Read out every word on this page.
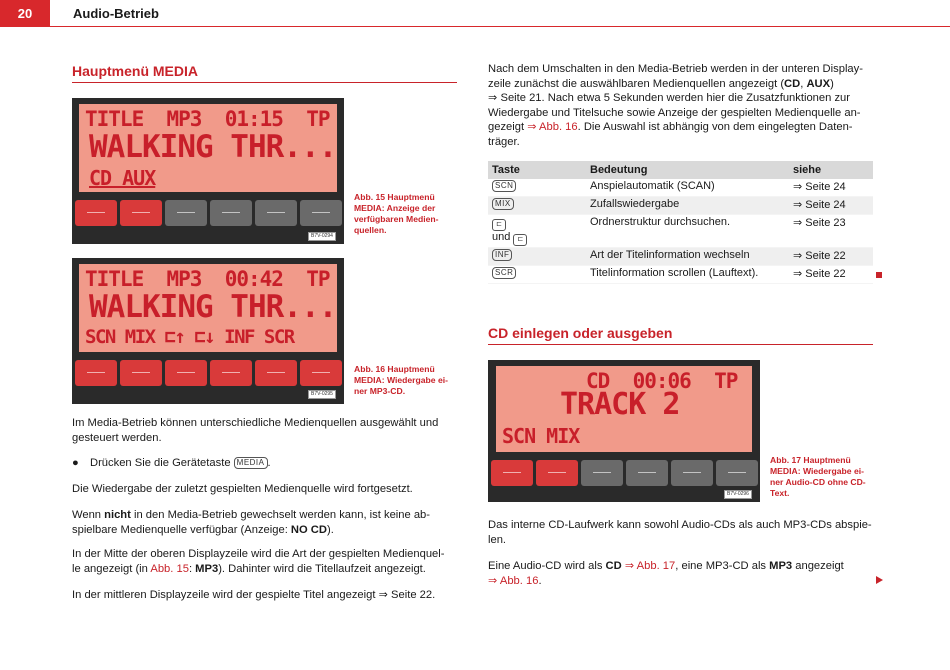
20	Audio-Betrieb
Hauptmenü MEDIA
TITLE  MP3  01:15  TP
WALKING THR...
CD AUX
B7V-0294
Abb. 15 Hauptmenü
MEDIA: Anzeige der
verfügbaren Medien-
quellen.
TITLE  MP3  00:42  TP
WALKING THR...
SCN MIX ⊏↑ ⊏↓ INF SCR
B7V-0295
Abb. 16 Hauptmenü
MEDIA: Wiedergabe ei-
ner MP3-CD.
Im Media-Betrieb können unterschiedliche Medienquellen ausgewählt und
gesteuert werden.
● Drücken Sie die Gerätetaste MEDIA .
Die Wiedergabe der zuletzt gespielten Medienquelle wird fortgesetzt.
Wenn nicht in den Media-Betrieb gewechselt werden kann, ist keine ab-
spielbare Medienquelle verfügbar (Anzeige: NO CD).
In der Mitte der oberen Displayzeile wird die Art der gespielten Medienquel-
le angezeigt (in Abb. 15: MP3). Dahinter wird die Titellaufzeit angezeigt.
In der mittleren Displayzeile wird der gespielte Titel angezeigt ⇒ Seite 22.
Nach dem Umschalten in den Media-Betrieb werden in der unteren Display-
zeile zunächst die auswählbaren Medienquellen angezeigt (CD, AUX)
⇒ Seite 21. Nach etwa 5 Sekunden werden hier die Zusatzfunktionen zur
Wiedergabe und Titelsuche sowie Anzeige der gespielten Medienquelle an-
gezeigt ⇒ Abb. 16. Die Auswahl ist abhängig von dem eingelegten Daten-
träger.
Taste	Bedeutung	siehe
SCN	Anspielautomatik (SCAN)	⇒ Seite 24
MIX	Zufallswiedergabe	⇒ Seite 24

⊏
und ⊏	Ordnerstruktur durchsuchen.	⇒ Seite 23
INF	Art der Titelinformation wechseln	⇒ Seite 22
SCR	Titelinformation scrollen (Lauftext).	⇒ Seite 22
CD einlegen oder ausgeben
CD  00:06  TP
TRACK 2
SCN MIX
B7V-0296
Abb. 17 Hauptmenü
MEDIA: Wiedergabe ei-
ner Audio-CD ohne CD-
Text.
Das interne CD-Laufwerk kann sowohl Audio-CDs als auch MP3-CDs abspie-
len.
Eine Audio-CD wird als CD ⇒ Abb. 17, eine MP3-CD als MP3 angezeigt
⇒ Abb. 16.
